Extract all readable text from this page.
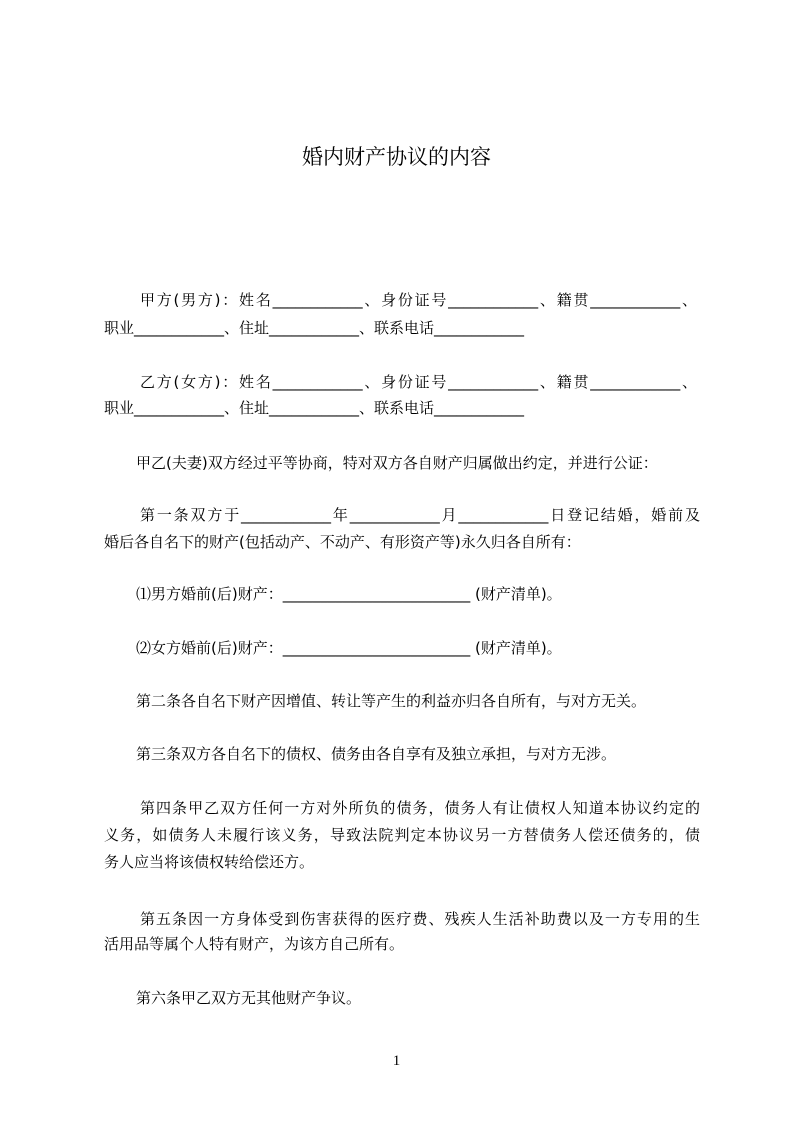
婚内财产协议的内容
甲方(男方)：姓名____________、身份证号____________、籍贯____________、
职业____________、住址____________、联系电话____________
乙方(女方)：姓名____________、身份证号____________、籍贯____________、
职业____________、住址____________、联系电话____________
甲乙(夫妻)双方经过平等协商，特对双方各自财产归属做出约定，并进行公证：
第一条双方于____________年____________月____________日登记结婚，婚前及
婚后各自名下的财产(包括动产、不动产、有形资产等)永久归各自所有：
⑴男方婚前(后)财产：_________________________ (财产清单)。
⑵女方婚前(后)财产：_________________________ (财产清单)。
第二条各自名下财产因增值、转让等产生的利益亦归各自所有，与对方无关。
第三条双方各自名下的债权、债务由各自享有及独立承担，与对方无涉。
第四条甲乙双方任何一方对外所负的债务，债务人有让债权人知道本协议约定的
义务，如债务人未履行该义务，导致法院判定本协议另一方替债务人偿还债务的，债
务人应当将该债权转给偿还方。
第五条因一方身体受到伤害获得的医疗费、残疾人生活补助费以及一方专用的生
活用品等属个人特有财产，为该方自己所有。
第六条甲乙双方无其他财产争议。
1
